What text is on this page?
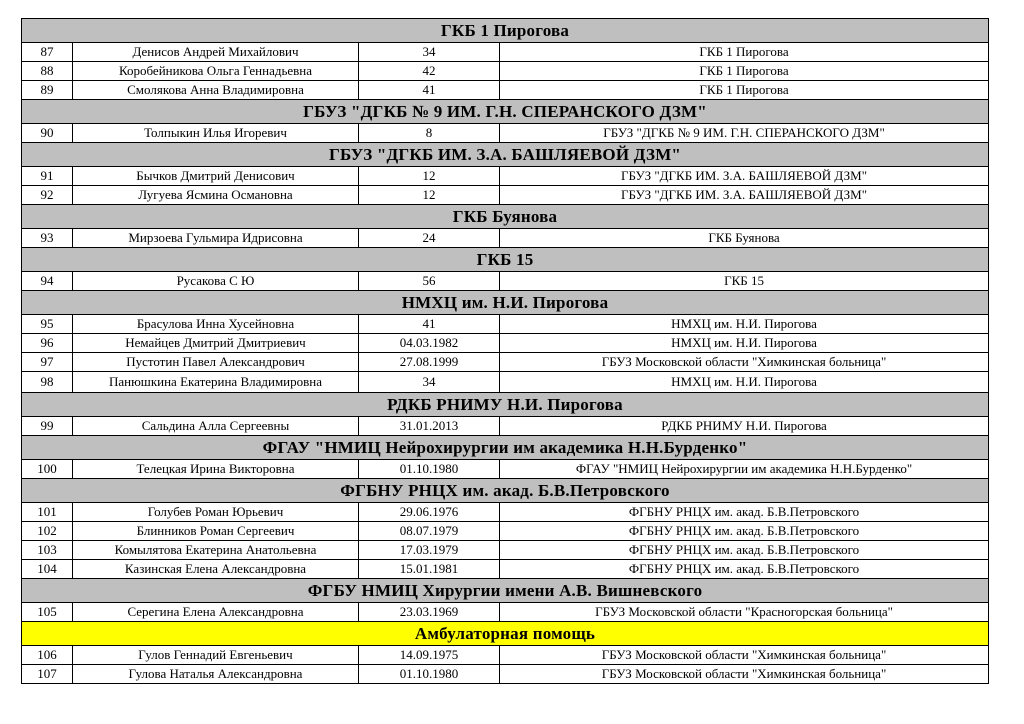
ГКБ 1 Пирогова			
87	Денисов Андрей Михайлович	34	ГКБ 1 Пирогова
88	Коробейникова Ольга Геннадьевна	42	ГКБ 1 Пирогова
89	Смолякова Анна Владимировна	41	ГКБ 1 Пирогова
ГБУЗ "ДГКБ № 9 ИМ. Г.Н. СПЕРАНСКОГО ДЗМ"			
90	Толпыкин Илья Игоревич	8	ГБУЗ "ДГКБ № 9 ИМ. Г.Н. СПЕРАНСКОГО ДЗМ"
ГБУЗ "ДГКБ ИМ. З.А. БАШЛЯЕВОЙ ДЗМ"			
91	Бычков Дмитрий Денисович	12	ГБУЗ "ДГКБ ИМ. З.А. БАШЛЯЕВОЙ ДЗМ"
92	Лугуева Ясмина Османовна	12	ГБУЗ "ДГКБ ИМ. З.А. БАШЛЯЕВОЙ ДЗМ"
ГКБ Буянова			
93	Мирзоева Гульмира Идрисовна	24	ГКБ Буянова
ГКБ 15			
94	Русакова С Ю	56	ГКБ 15
НМХЦ им. Н.И. Пирогова			
95	Брасулова Инна Хусейновна	41	НМХЦ им. Н.И. Пирогова
96	Немайцев Дмитрий Дмитриевич	04.03.1982	НМХЦ им. Н.И. Пирогова
97	Пустотин Павел Александрович	27.08.1999	ГБУЗ Московской области "Химкинская больница"
98	Панюшкина Екатерина Владимировна	34	НМХЦ им. Н.И. Пирогова
РДКБ РНИМУ Н.И. Пирогова			
99	Сальдина Алла Сергеевны	31.01.2013	РДКБ РНИМУ Н.И. Пирогова
ФГАУ "НМИЦ Нейрохирургии им академика Н.Н.Бурденко"			
100	Телецкая Ирина Викторовна	01.10.1980	ФГАУ "НМИЦ Нейрохирургии им академика Н.Н.Бурденко"
ФГБНУ РНЦХ им. акад. Б.В.Петровского			
101	Голубев Роман Юрьевич	29.06.1976	ФГБНУ РНЦХ им. акад. Б.В.Петровского
102	Блинников Роман Сергеевич	08.07.1979	ФГБНУ РНЦХ им. акад. Б.В.Петровского
103	Комылятова Екатерина Анатольевна	17.03.1979	ФГБНУ РНЦХ им. акад. Б.В.Петровского
104	Казинская Елена Александровна	15.01.1981	ФГБНУ РНЦХ им. акад. Б.В.Петровского
ФГБУ НМИЦ Хирургии имени А.В. Вишневского			
105	Серегина Елена Александровна	23.03.1969	ГБУЗ Московской области "Красногорская больница"
Амбулаторная помощь			
106	Гулов Геннадий Евгеньевич	14.09.1975	ГБУЗ Московской области "Химкинская больница"
107	Гулова Наталья Александровна	01.10.1980	ГБУЗ Московской области "Химкинская больница"
